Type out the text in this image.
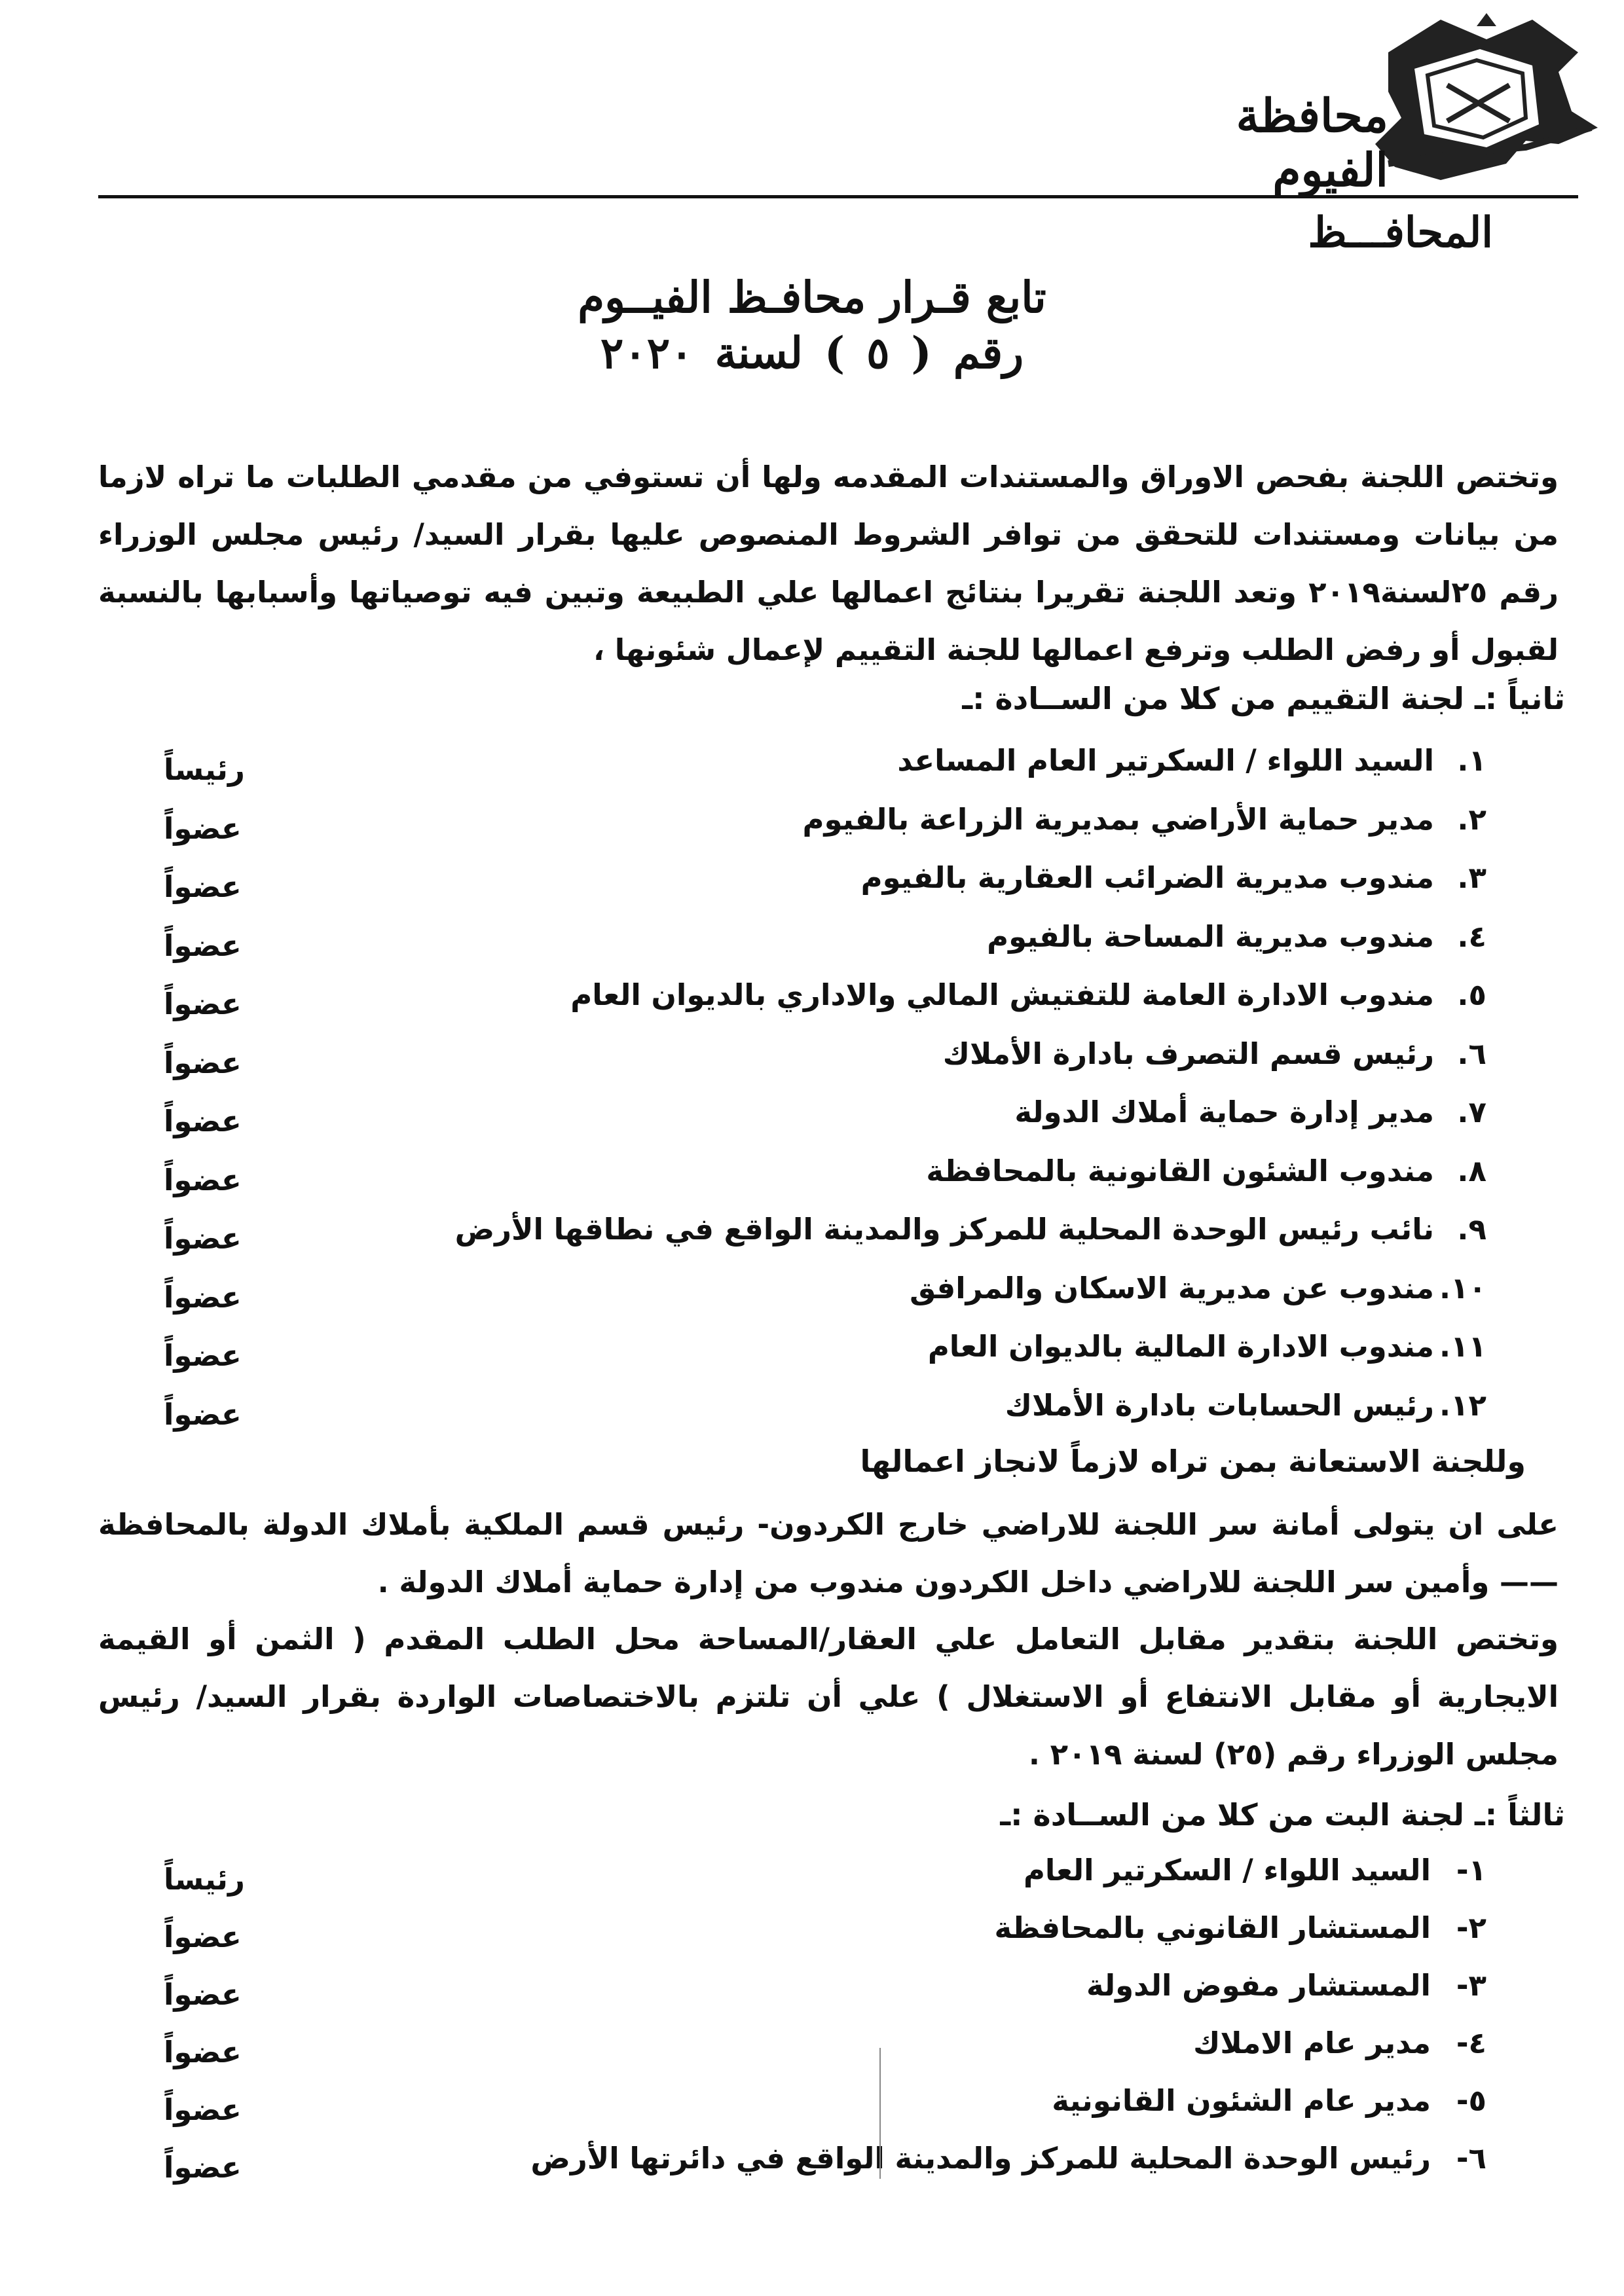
محافظة الفيوم
المحافـــظ
تابع قـرار محافـظ الفيــوم
رقم ( ٥ ) لسنة ٢٠٢٠
وتختص اللجنة بفحص الاوراق والمستندات المقدمه ولها أن تستوفي من مقدمي الطلبات ما تراه لازما من بيانات ومستندات للتحقق من توافر الشروط المنصوص عليها بقرار السيد/ رئيس مجلس الوزراء رقم ٢٥لسنة٢٠١٩ وتعد اللجنة تقريرا بنتائج اعمالها علي الطبيعة وتبين فيه توصياتها وأسبابها بالنسبة لقبول أو رفض الطلب وترفع اعمالها للجنة التقييم لإعمال شئونها ،
ثانياً :ـ لجنة التقييم من كلا من الســادة :ـ
١.السيد اللواء / السكرتير العام المساعد
رئيساً
٢.مدير حماية الأراضي بمديرية الزراعة بالفيوم
عضواً
٣.مندوب مديرية الضرائب العقارية بالفيوم
عضواً
٤.مندوب مديرية المساحة بالفيوم
عضواً
٥.مندوب الادارة العامة للتفتيش المالي والاداري بالديوان العام
عضواً
٦.رئيس قسم التصرف بادارة الأملاك
عضواً
٧.مدير إدارة حماية أملاك الدولة
عضواً
٨.مندوب الشئون القانونية بالمحافظة
عضواً
٩.نائب رئيس الوحدة المحلية للمركز والمدينة الواقع في نطاقها الأرض
عضواً
١٠.مندوب عن مديرية الاسكان والمرافق
عضواً
١١.مندوب الادارة المالية بالديوان العام
عضواً
١٢.رئيس الحسابات بادارة الأملاك
عضواً
وللجنة الاستعانة بمن تراه لازماً لانجاز اعمالها
على ان يتولى أمانة سر اللجنة للاراضي خارج الكردون- رئيس قسم الملكية بأملاك الدولة بالمحافظة —— وأمين سر اللجنة للاراضي داخل الكردون مندوب من إدارة حماية أملاك الدولة .
وتختص اللجنة بتقدير مقابل التعامل علي العقار/المساحة محل الطلب المقدم ( الثمن أو القيمة الايجارية أو مقابل الانتفاع أو الاستغلال ) علي أن تلتزم بالاختصاصات الواردة بقرار السيد/ رئيس مجلس الوزراء رقم (٢٥) لسنة ٢٠١٩ .
ثالثاً :ـ لجنة البت من كلا من الســادة :ـ
١-السيد اللواء / السكرتير العام
رئيساً
٢-المستشار القانوني بالمحافظة
عضواً
٣-المستشار مفوض الدولة
عضواً
٤-مدير عام الاملاك
عضواً
٥-مدير عام الشئون القانونية
عضواً
٦-رئيس الوحدة المحلية للمركز والمدينة الواقع في دائرتها الأرض
عضواً
